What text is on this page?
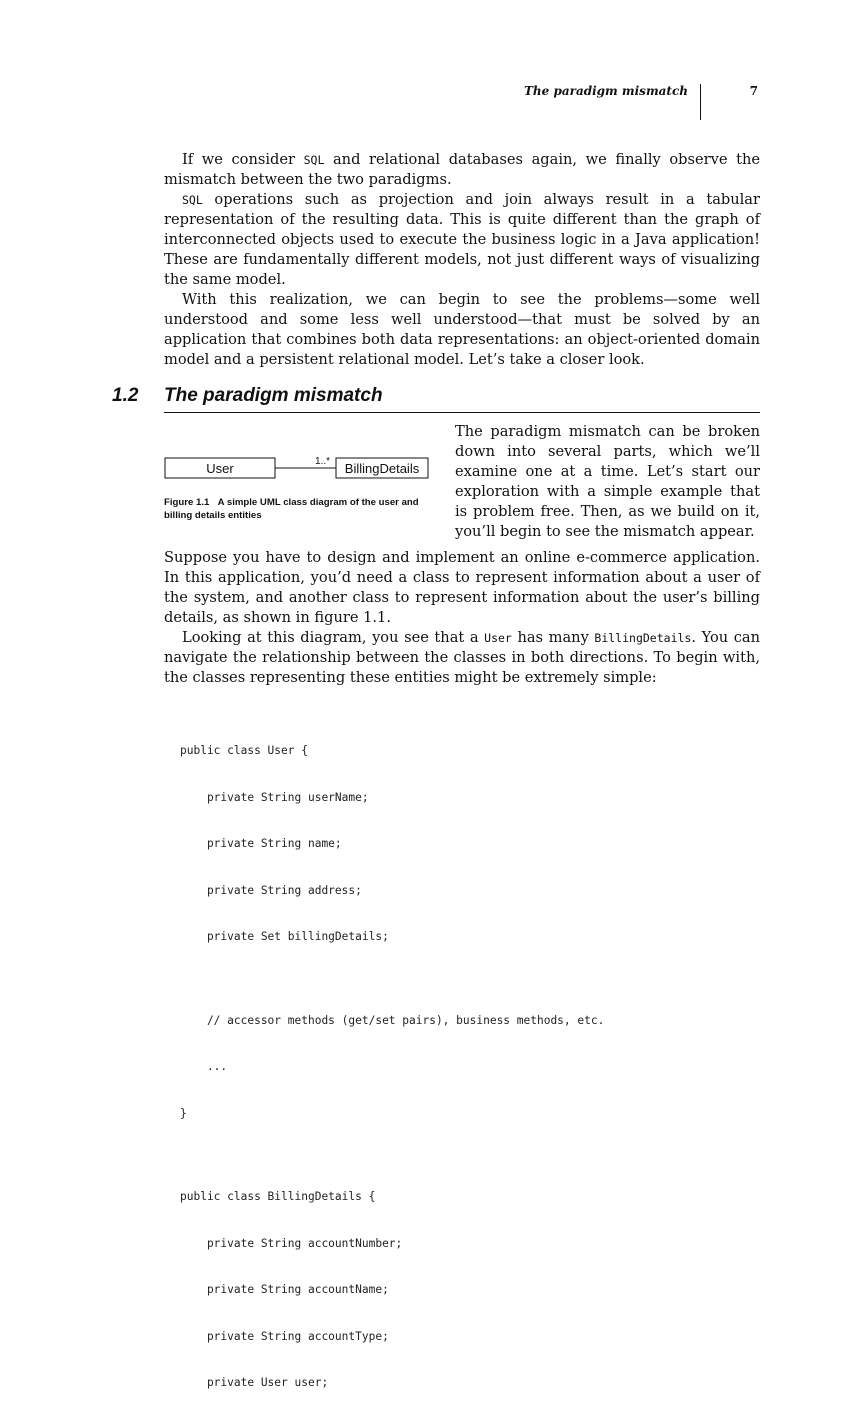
The paradigm mismatch	7

If we consider SQL and relational databases again, we finally observe the mismatch between the two paradigms.

SQL operations such as projection and join always result in a tabular representation of the resulting data. This is quite different than the graph of interconnected objects used to execute the business logic in a Java application! These are fundamentally different models, not just different ways of visualizing the same model.

With this realization, we can begin to see the problems—some well understood and some less well understood—that must be solved by an application that combines both data representations: an object-oriented domain model and a persistent relational model. Let’s take a closer look.

1.2 The paradigm mismatch
User	1..* BillingDetails
Figure 1.1 A simple UML class diagram of the user and billing details entities
The paradigm mismatch can be broken down into several parts, which we’ll examine one at a time. Let’s start our exploration with a simple example that is problem free. Then, as we build on it, you’ll begin to see the mismatch appear.

Suppose you have to design and implement an online e-commerce application. In this application, you’d need a class to represent information about a user of the system, and another class to represent information about the user’s billing details, as shown in figure 1.1.

Looking at this diagram, you see that a User has many BillingDetails. You can navigate the relationship between the classes in both directions. To begin with, the classes representing these entities might be extremely simple:

public class User {

private String userName;

private String name;

private String address;

private Set billingDetails;

// accessor methods (get/set pairs), business methods, etc.

...

}

public class BillingDetails {

private String accountNumber;

private String accountName;

private String accountType;

private User user;
